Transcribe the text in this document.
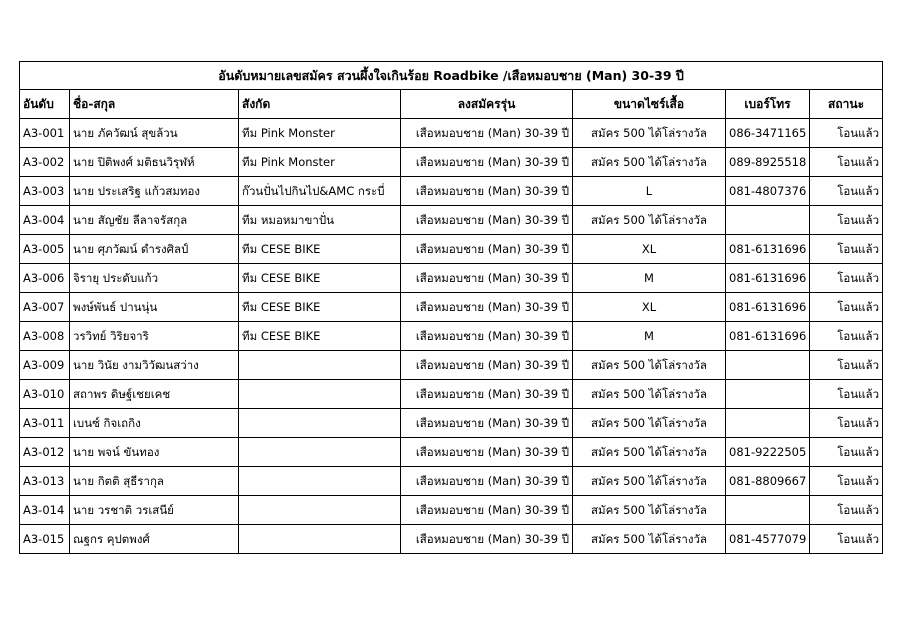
อันดับหมายเลขสมัคร สวนผึ้งใจเกินร้อย Roadbike /เสือหมอบชาย (Man) 30-39 ปี						
อันดับ	ชื่อ-สกุล	สังกัด	ลงสมัครรุ่น	ขนาดไซร์เสื้อ	เบอร์โทร	สถานะ
A3-001	นาย ภัควัฒน์ สุขล้วน	ทีม Pink Monster	เสือหมอบชาย (Man) 30-39 ปี	สมัคร 500 ได้โล่รางวัล	086-3471165	โอนแล้ว
A3-002	นาย ปิติพงศ์ มติธนวิรุฬห์	ทีม Pink Monster	เสือหมอบชาย (Man) 30-39 ปี	สมัคร 500 ได้โล่รางวัล	089-8925518	โอนแล้ว
A3-003	นาย ประเสริฐ แก้วสมทอง	ก๊วนปั่นไปกินไป&AMC กระบี่	เสือหมอบชาย (Man) 30-39 ปี	L	081-4807376	โอนแล้ว
A3-004	นาย สัญชัย ลีลาจรัสกุล	ทีม หมอหมาขาปั่น	เสือหมอบชาย (Man) 30-39 ปี	สมัคร 500 ได้โล่รางวัล		โอนแล้ว
A3-005	นาย ศุภวัฒน์ ดำรงศิลป์	ทีม CESE BIKE	เสือหมอบชาย (Man) 30-39 ปี	XL	081-6131696	โอนแล้ว
A3-006	จิรายุ ประดับแก้ว	ทีม CESE BIKE	เสือหมอบชาย (Man) 30-39 ปี	M	081-6131696	โอนแล้ว
A3-007	พงษ์พันธ์ ปานนุ่น	ทีม CESE BIKE	เสือหมอบชาย (Man) 30-39 ปี	XL	081-6131696	โอนแล้ว
A3-008	วรวิทย์ วิริยจาริ	ทีม CESE BIKE	เสือหมอบชาย (Man) 30-39 ปี	M	081-6131696	โอนแล้ว
A3-009	นาย วินัย งามวิวัฒนสว่าง		เสือหมอบชาย (Man) 30-39 ปี	สมัคร 500 ได้โล่รางวัล		โอนแล้ว
A3-010	สถาพร ดิษฐ์เชยเคช		เสือหมอบชาย (Man) 30-39 ปี	สมัคร 500 ได้โล่รางวัล		โอนแล้ว
A3-011	เบนซ์ กิจเถกิง		เสือหมอบชาย (Man) 30-39 ปี	สมัคร 500 ได้โล่รางวัล		โอนแล้ว
A3-012	นาย พจน์ ขันทอง		เสือหมอบชาย (Man) 30-39 ปี	สมัคร 500 ได้โล่รางวัล	081-9222505	โอนแล้ว
A3-013	นาย กิตติ สุธีรากุล		เสือหมอบชาย (Man) 30-39 ปี	สมัคร 500 ได้โล่รางวัล	081-8809667	โอนแล้ว
A3-014	นาย วรชาติ วรเสนีย์		เสือหมอบชาย (Man) 30-39 ปี	สมัคร 500 ได้โล่รางวัล		โอนแล้ว
A3-015	ณฐกร คุปตพงศ์		เสือหมอบชาย (Man) 30-39 ปี	สมัคร 500 ได้โล่รางวัล	081-4577079	โอนแล้ว
